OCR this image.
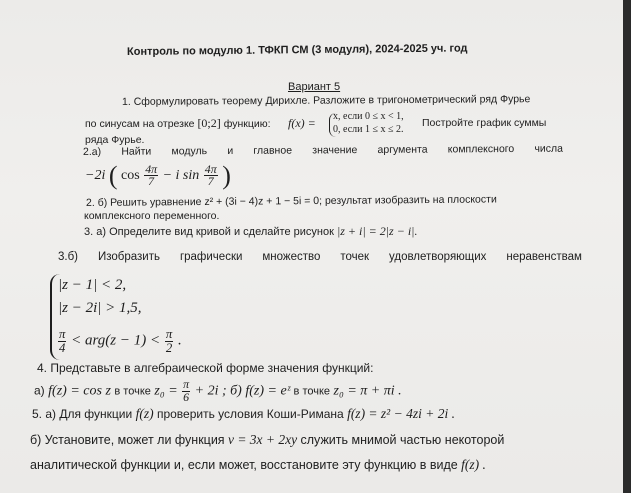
Контроль по модулю 1. ТФКП СМ (3 модуля), 2024-2025 уч. год
Вариант 5
1. Сформулировать теорему Дирихле. Разложите в тригонометрический ряд Фурье
по синусам на отрезке [0;2] функцию: f(x) = x, если 0 ≤ x < 1,
0, если 1 ≤ x ≤ 2.
Постройте график суммы
ряда Фурье.
2.а) Найти модуль и главное значение аргумента комплексного числа
−2i ( $\cos \frac{4\pi}{7} - i$ $\sin \frac{4\pi}{7}$ )
2. б) Решить уравнение z² + (3i − 4)z + 1 − 5i = 0; результат изобразить на плоскости
комплексного переменного.
3. а) Определите вид кривой и сделайте рисунок |z + i| = 2|z − i|.
3.б) Изобразить графически множество точек удовлетворяющих неравенствам
|z − 1| < 2,
|z − 2i| > 1,5,
$\frac{\pi}{4} < arg(z - 1) < \frac{\pi}{2}$ .
4. Представьте в алгебраической форме значения функций:
а) f(z) = cos z в точке $z_0 = \frac{\pi}{6} + 2i$ ; б) f(z) = eᶻ в точке z₀ = π + πi .
5. а) Для функции f(z) проверить условия Коши-Римана f(z) = z² − 4zi + 2i .
б) Установите, может ли функция v = 3x + 2xy служить мнимой частью некоторой
аналитической функции и, если может, восстановите эту функцию в виде f(z) .
